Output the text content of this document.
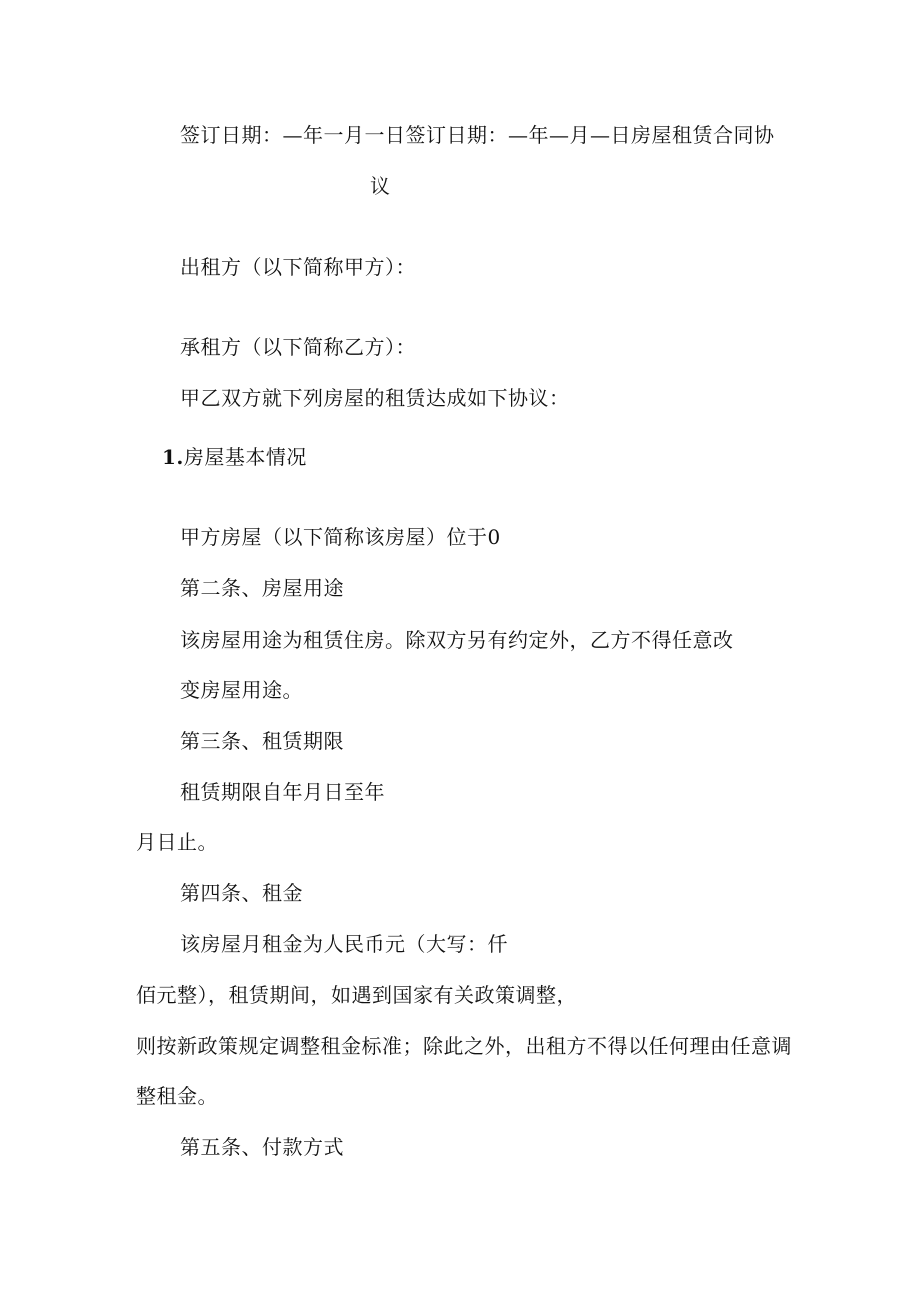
签订日期：—年一月一日签订日期：—年—月—日房屋租赁合同协
议
出租方（以下简称甲方）：
承租方（以下简称乙方）：
甲乙双方就下列房屋的租赁达成如下协议：
1.房屋基本情况
甲方房屋（以下简称该房屋）位于0
第二条、房屋用途
该房屋用途为租赁住房。除双方另有约定外，乙方不得任意改
变房屋用途。
第三条、租赁期限
租赁期限自年月日至年
月日止。
第四条、租金
该房屋月租金为人民币元（大写：仟
佰元整），租赁期间，如遇到国家有关政策调整，
则按新政策规定调整租金标准；除此之外，出租方不得以任何理由任意调
整租金。
第五条、付款方式
